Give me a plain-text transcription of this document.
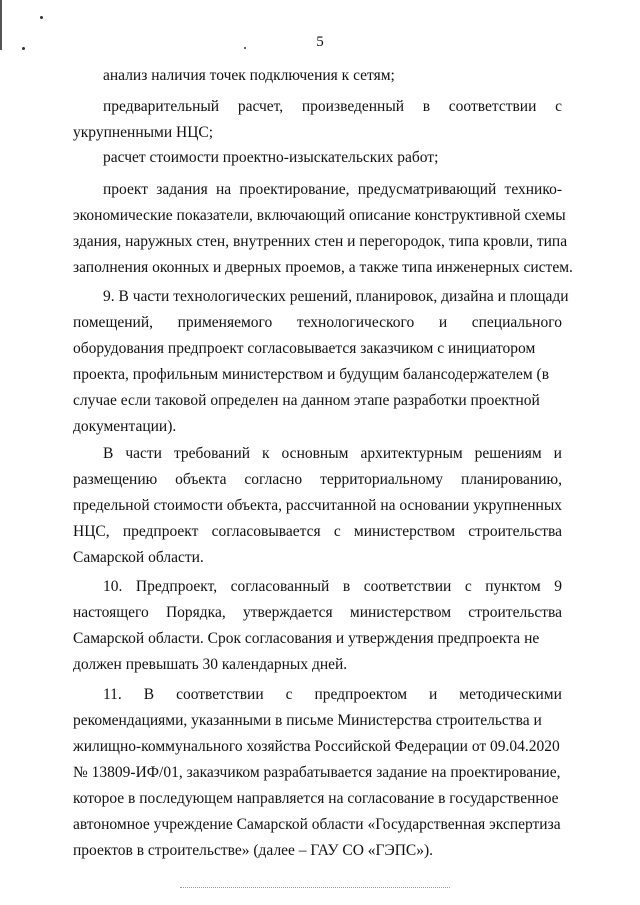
5
анализ наличия точек подключения к сетям;
предварительный расчет, произведенный в соответствии с
укрупненными НЦС;
расчет стоимости проектно-изыскательских работ;
проект задания на проектирование, предусматривающий технико-
экономические показатели, включающий описание конструктивной схемы
здания, наружных стен, внутренних стен и перегородок, типа кровли, типа
заполнения оконных и дверных проемов, а также типа инженерных систем.
9. В части технологических решений, планировок, дизайна и площади
помещений, применяемого технологического и специального
оборудования предпроект согласовывается заказчиком с инициатором
проекта, профильным министерством и будущим балансодержателем (в
случае если таковой определен на данном этапе разработки проектной
документации).
В части требований к основным архитектурным решениям и
размещению объекта согласно территориальному планированию,
предельной стоимости объекта, рассчитанной на основании укрупненных
НЦС, предпроект согласовывается с министерством строительства
Самарской области.
10. Предпроект, согласованный в соответствии с пунктом 9
настоящего Порядка, утверждается министерством строительства
Самарской области. Срок согласования и утверждения предпроекта не
должен превышать 30 календарных дней.
11. В соответствии с предпроектом и методическими
рекомендациями, указанными в письме Министерства строительства и
жилищно-коммунального хозяйства Российской Федерации от 09.04.2020
№ 13809-ИФ/01, заказчиком разрабатывается задание на проектирование,
которое в последующем направляется на согласование в государственное
автономное учреждение Самарской области «Государственная экспертиза
проектов в строительстве» (далее – ГАУ СО «ГЭПС»).
